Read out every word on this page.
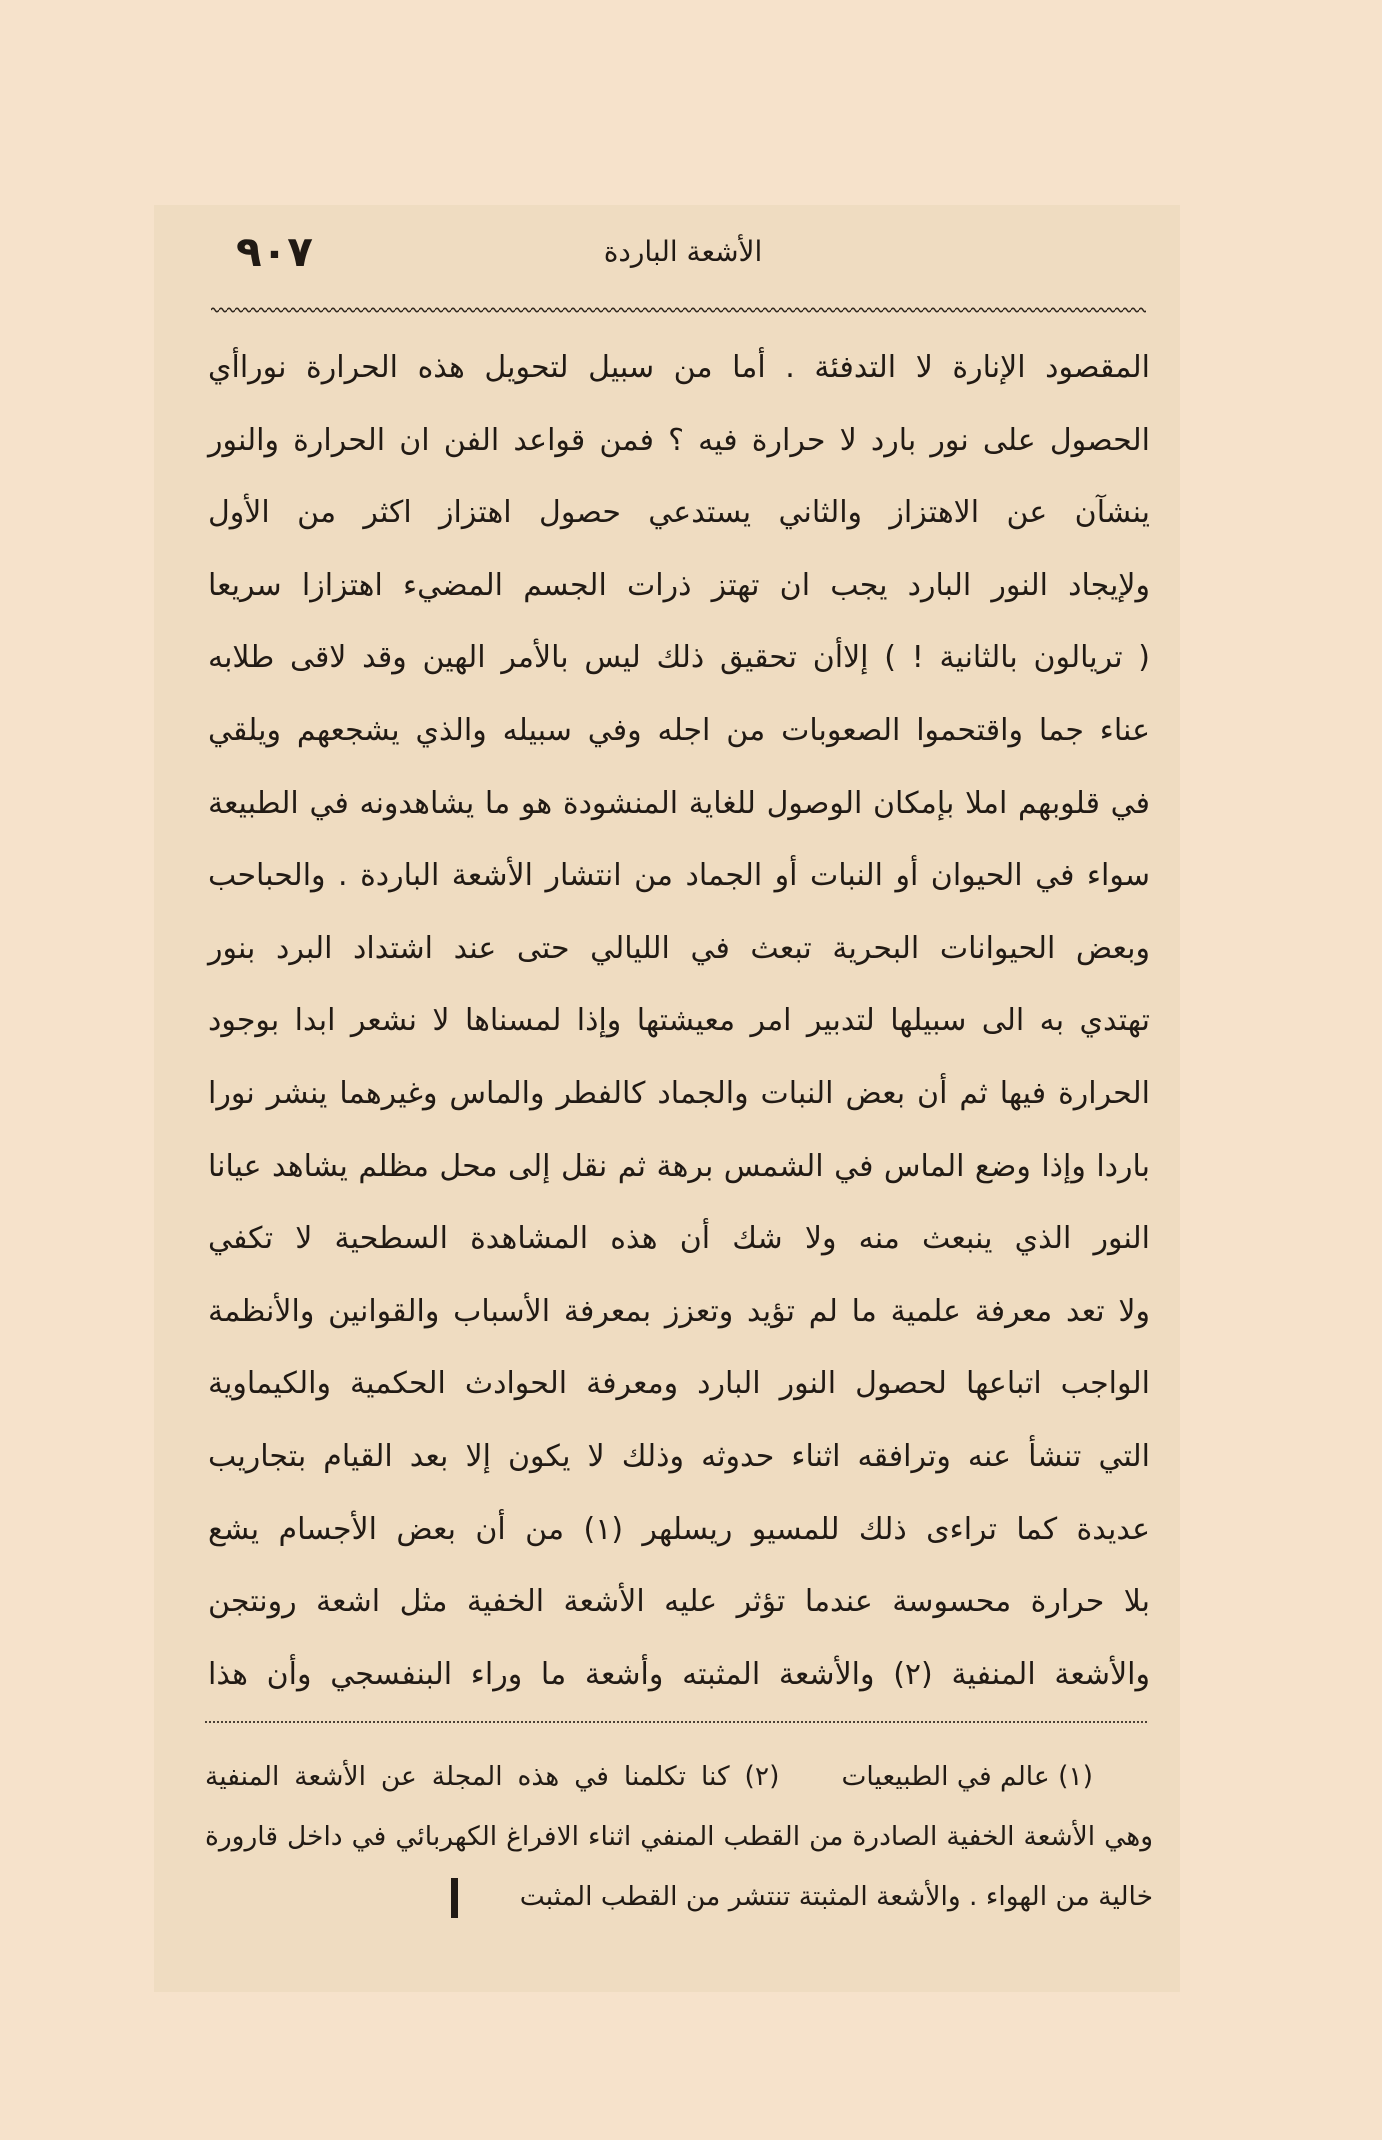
٩٠٧	الأشعة الباردة
المقصود الإنارة لا التدفئة . أما من سبيل لتحويل هذه الحرارة نوراأي
الحصول على نور بارد لا حرارة فيه ؟ فمن قواعد الفن ان الحرارة والنور
ينشآن عن الاهتزاز والثاني يستدعي حصول اهتزاز اكثر من الأول
ولإيجاد النور البارد يجب ان تهتز ذرات الجسم المضيء اهتزازا سريعا
( تريالون بالثانية ! ) إلاأن تحقيق ذلك ليس بالأمر الهين وقد لاقى طلابه
عناء جما واقتحموا الصعوبات من اجله وفي سبيله والذي يشجعهم ويلقي
في قلوبهم املا بإمكان الوصول للغاية المنشودة هو ما يشاهدونه في الطبيعة
سواء في الحيوان أو النبات أو الجماد من انتشار الأشعة الباردة . والحباحب
وبعض الحيوانات البحرية تبعث في الليالي حتى عند اشتداد البرد بنور
تهتدي به الى سبيلها لتدبير امر معيشتها وإذا لمسناها لا نشعر ابدا بوجود
الحرارة فيها ثم أن بعض النبات والجماد كالفطر والماس وغيرهما ينشر نورا
باردا وإذا وضع الماس في الشمس برهة ثم نقل إلى محل مظلم يشاهد عيانا
النور الذي ينبعث منه ولا شك أن هذه المشاهدة السطحية لا تكفي
ولا تعد معرفة علمية ما لم تؤيد وتعزز بمعرفة الأسباب والقوانين والأنظمة
الواجب اتباعها لحصول النور البارد ومعرفة الحوادث الحكمية والكيماوية
التي تنشأ عنه وترافقه اثناء حدوثه وذلك لا يكون إلا بعد القيام بتجاريب
عديدة كما تراءى ذلك للمسيو ريسلهر (١) من أن بعض الأجسام يشع
بلا حرارة محسوسة عندما تؤثر عليه الأشعة الخفية مثل اشعة رونتجن
والأشعة المنفية (٢) والأشعة المثبته وأشعة ما وراء البنفسجي وأن هذا
(١) عالم في الطبيعيات
(٢) كنا تكلمنا في هذه المجلة عن الأشعة المنفية
وهي الأشعة الخفية الصادرة من القطب المنفي اثناء الافراغ الكهربائي في داخل قارورة
خالية من الهواء . والأشعة المثبتة تنتشر من القطب المثبت
